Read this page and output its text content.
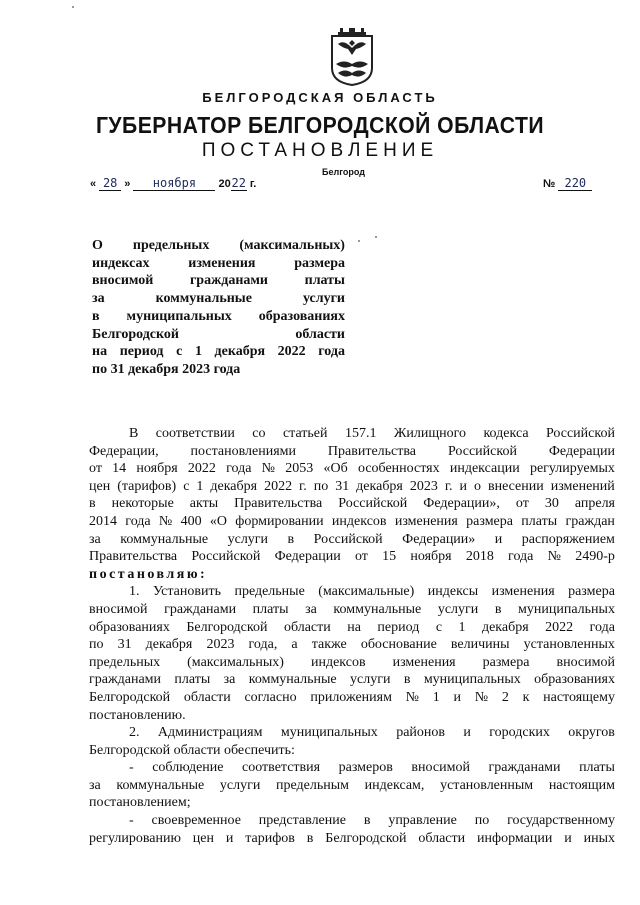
БЕЛГОРОДСКАЯ ОБЛАСТЬ
ГУБЕРНАТОР БЕЛГОРОДСКОЙ ОБЛАСТИ
ПОСТАНОВЛЕНИЕ
Белгород
« 28 » ноября 2022 г.	№ 220
О предельных (максимальных)
индексах	изменения	размера
вносимой	гражданами	платы
за	коммунальные	услуги
в муниципальных образованиях
Белгородской	области
на период с 1 декабря 2022 года
по 31 декабря 2023 года
В соответствии со статьей 157.1 Жилищного кодекса Российской
Федерации, постановлениями Правительства Российской Федерации
от 14 ноября 2022 года № 2053 «Об особенностях индексации регулируемых
цен (тарифов) с 1 декабря 2022 г. по 31 декабря 2023 г. и о внесении изменений
в некоторые акты Правительства Российской Федерации», от 30 апреля
2014 года № 400 «О формировании индексов изменения размера платы граждан
за коммунальные услуги в Российской Федерации» и распоряжением
Правительства Российской Федерации от 15 ноября 2018 года № 2490-р
постановляю:
1. Установить предельные (максимальные) индексы изменения размера
вносимой гражданами платы за коммунальные услуги в муниципальных
образованиях Белгородской области на период с 1 декабря 2022 года
по 31 декабря 2023 года, а также обоснование величины установленных
предельных (максимальных) индексов изменения размера вносимой
гражданами платы за коммунальные услуги в муниципальных образованиях
Белгородской области согласно приложениям № 1 и № 2 к настоящему
постановлению.
2. Администрациям муниципальных районов и городских округов
Белгородской области обеспечить:
- соблюдение соответствия размеров вносимой гражданами платы
за коммунальные услуги предельным индексам, установленным настоящим
постановлением;
- своевременное представление в управление по государственному
регулированию цен и тарифов в Белгородской области информации и иных
